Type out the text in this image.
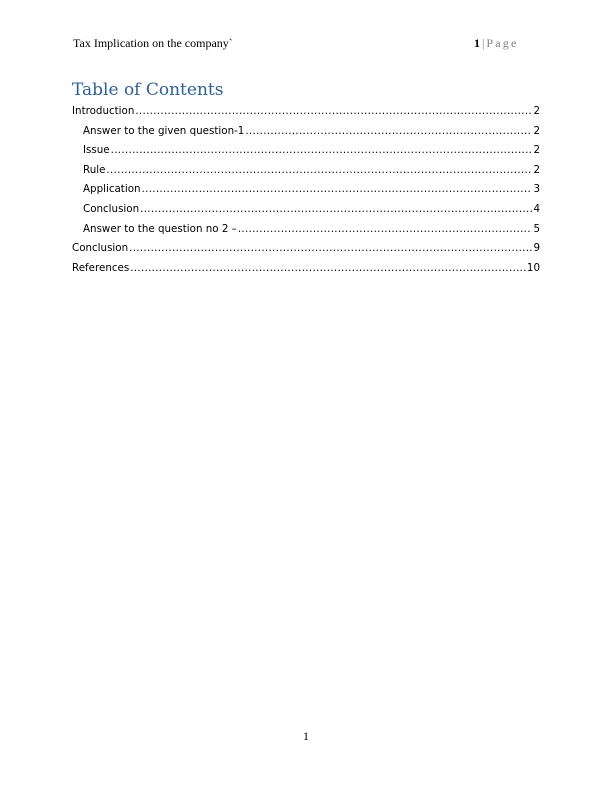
Tax Implication on the company`	1 | Page
Table of Contents
Introduction .....	2
Answer to the given question-1 .....	2
Issue .....	2
Rule .....	2
Application .....	3
Conclusion .....	4
Answer to the question no 2 – .....	5
Conclusion .....	9
References .....	10
1
